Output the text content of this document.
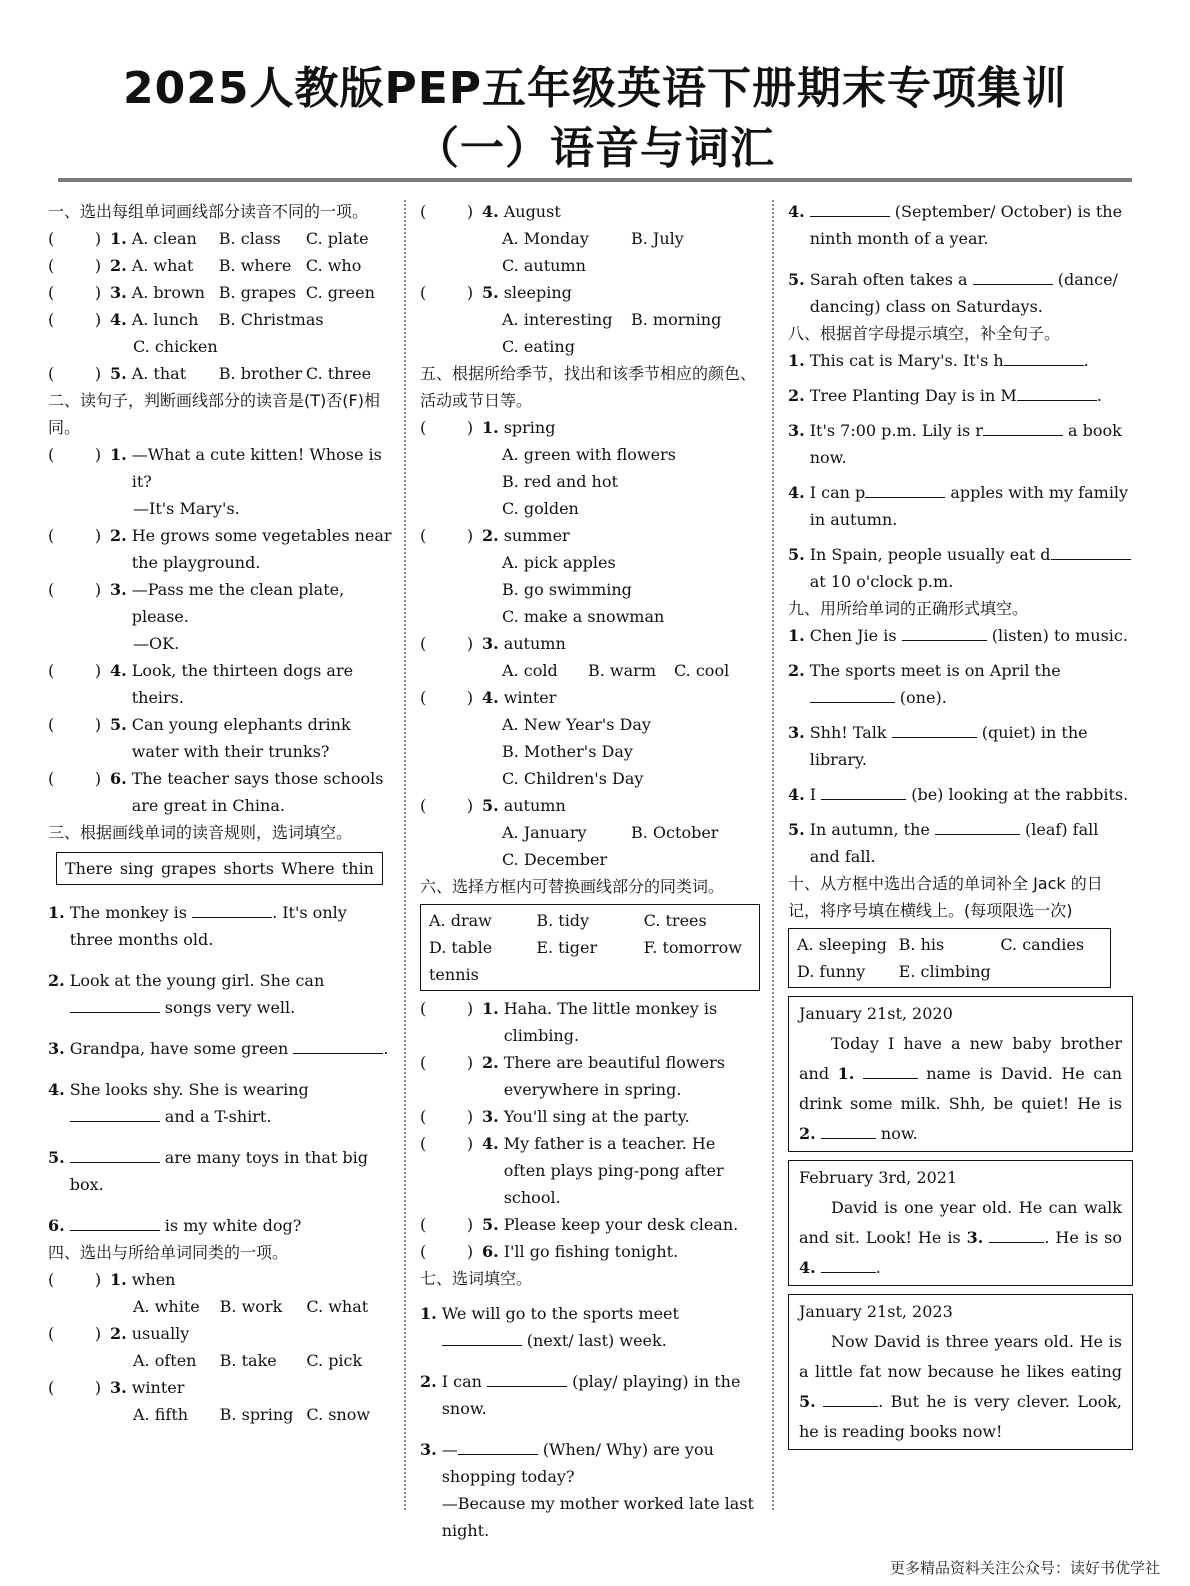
2025人教版PEP五年级英语下册期末专项集训
（一）语音与词汇
一、选出每组单词画线部分读音不同的一项。
(        ) 1. A. clean	B. class	C. plate
(        ) 2. A. what	B. where C. who
(        ) 3. A. brown B. grapes C. green
(        ) 4. A. lunch	B. Christmas
C. chicken
(        ) 5. A. that	B. brother C. three
二、读句子，判断画线部分的读音是(T)否(F)相同。
(        ) 1. —What a cute kitten! Whose is it?
—It's Mary's.
(        ) 2. He grows some vegetables near the playground.
(        ) 3. —Pass me the clean plate, please.
—OK.
(        ) 4. Look, the thirteen dogs are theirs.
(        ) 5. Can young elephants drink water with their trunks?
(        ) 6. The teacher says those schools are great in China.
三、根据画线单词的读音规则，选词填空。
There sing grapes shorts Where thin
1. The monkey is	. It's only three months old.
2. Look at the young girl. She can  songs very well.
3. Grandpa, have some green	.
4. She looks shy. She is wearing  and a T-shirt.
5.	are many toys in that big box.
6.	is my white dog?
四、选出与所给单词同类的一项。
(        ) 1. when
A. white	B. work	C. what
(        ) 2. usually
A. often	B. take	C. pick
(        ) 3. winter
A. fifth	B. spring C. snow
(        ) 4. August
A. Monday	B. July
C. autumn
(        ) 5. sleeping
A. interesting	B. morning
C. eating
五、根据所给季节，找出和该季节相应的颜色、活动或节日等。
(        ) 1. spring
A. green with flowers
B. red and hot
C. golden
(        ) 2. summer
A. pick apples
B. go swimming
C. make a snowman
(        ) 3. autumn
A. cold	B. warm	C. cool
(        ) 4. winter
A. New Year's Day
B. Mother's Day
C. Children's Day
(        ) 5. autumn
A. January	B. October
C. December
六、选择方框内可替换画线部分的同类词。
A. draw	B. tidy	C. trees
D. table tennis
E. tiger	F. tomorrow
(        ) 1. Haha. The little monkey is climbing.
(        ) 2. There are beautiful flowers everywhere in spring.
(        ) 3. You'll sing at the party.
(        ) 4. My father is a teacher. He often plays ping-pong after school.
(        ) 5. Please keep your desk clean.
(        ) 6. I'll go fishing tonight.
七、选词填空。
1. We will go to the sports meet  (next/ last) week.
2. I can	(play/ playing) in the snow.
3. —	(When/ Why) are you shopping today?
—Because my mother worked late last night.
4.	(September/ October) is the ninth month of a year.
5. Sarah often takes a	(dance/ dancing) class on Saturdays.
八、根据首字母提示填空，补全句子。
1. This cat is Mary's. It's h	.
2. Tree Planting Day is in M	.
3. It's 7:00 p.m. Lily is r	a book now.
4. I can p	apples with my family in autumn.
5. In Spain, people usually eat d at 10 o'clock p.m.
九、用所给单词的正确形式填空。
1. Chen Jie is	(listen) to music.
2. The sports meet is on April the  (one).
3. Shh! Talk	(quiet) in the library.
4. I	(be) looking at the rabbits.
5. In autumn, the	(leaf) fall and fall.
十、从方框中选出合适的单词补全 Jack 的日记，将序号填在横线上。(每项限选一次)
A. sleeping B. his	C. candies
D. funny	E. climbing
January 21st, 2020
Today I have a new baby brother and 1.	name is David. He can drink some milk. Shh, be quiet! He is 2.	now.
February 3rd, 2021
David is one year old. He can walk and sit. Look! He is 3.	. He is so 4.	.
January 21st, 2023
Now David is three years old. He is a little fat now because he likes eating 5.	. But he is very clever. Look, he is reading books now!
更多精品资料关注公众号：读好书优学社
